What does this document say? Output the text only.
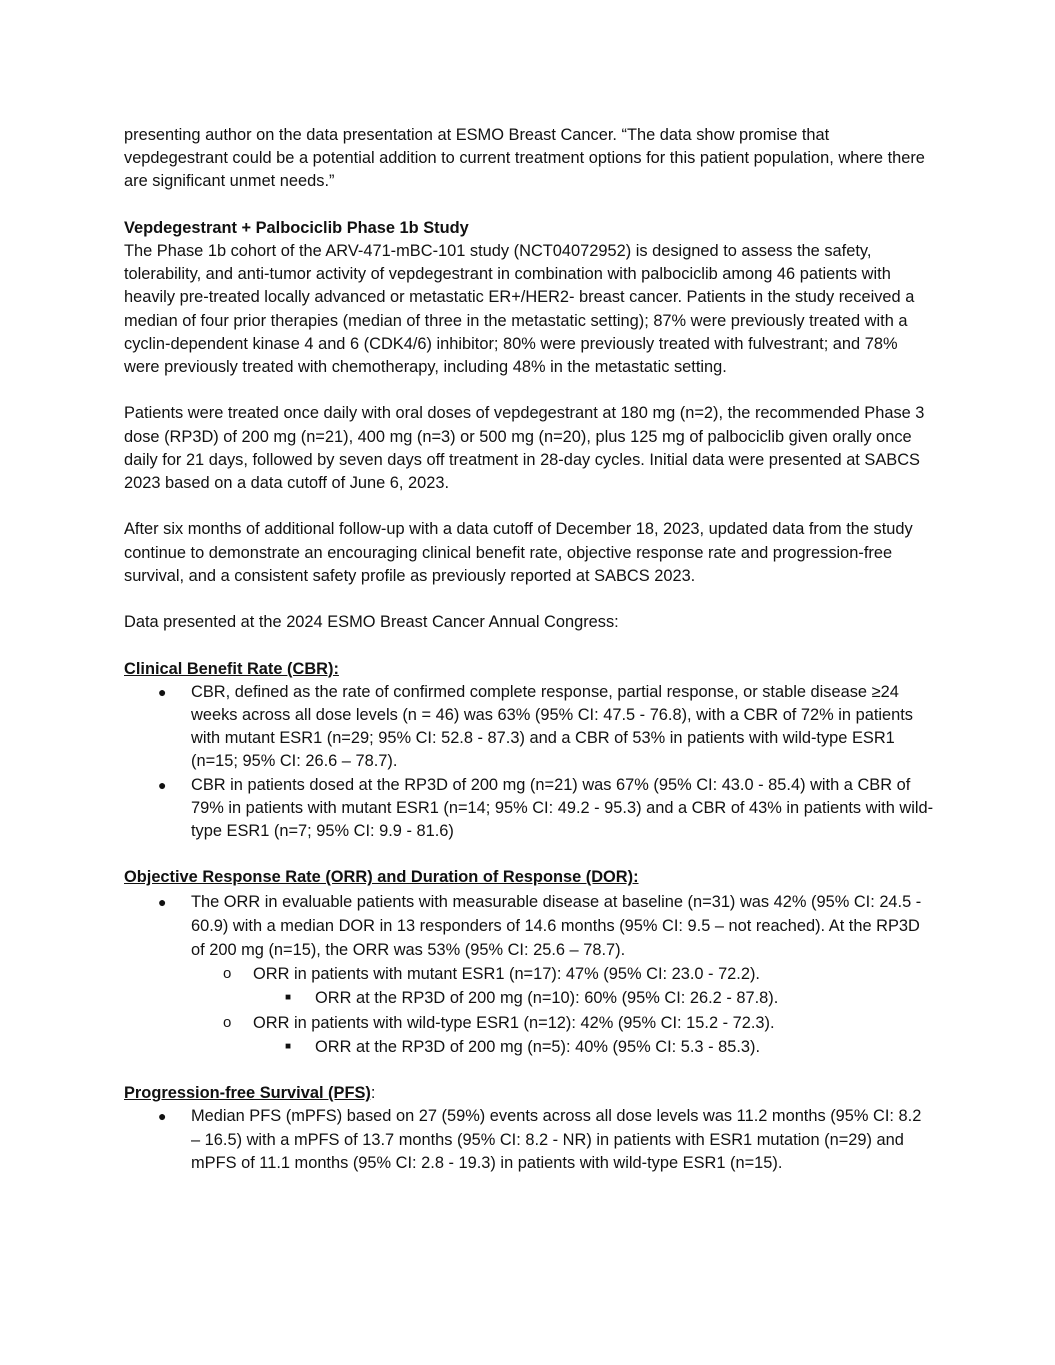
presenting author on the data presentation at ESMO Breast Cancer. “The data show promise that vepdegestrant could be a potential addition to current treatment options for this patient population, where there are significant unmet needs.”

Vepdegestrant + Palbociclib Phase 1b Study

The Phase 1b cohort of the ARV-471-mBC-101 study (NCT04072952) is designed to assess the safety, tolerability, and anti-tumor activity of vepdegestrant in combination with palbociclib among 46 patients with heavily pre-treated locally advanced or metastatic ER+/HER2- breast cancer. Patients in the study received a median of four prior therapies (median of three in the metastatic setting); 87% were previously treated with a cyclin-dependent kinase 4 and 6 (CDK4/6) inhibitor; 80% were previously treated with fulvestrant; and 78% were previously treated with chemotherapy, including 48% in the metastatic setting.

Patients were treated once daily with oral doses of vepdegestrant at 180 mg (n=2), the recommended Phase 3 dose (RP3D) of 200 mg (n=21), 400 mg (n=3) or 500 mg (n=20), plus 125 mg of palbociclib given orally once daily for 21 days, followed by seven days off treatment in 28-day cycles. Initial data were presented at SABCS 2023 based on a data cutoff of June 6, 2023.

After six months of additional follow-up with a data cutoff of December 18, 2023, updated data from the study continue to demonstrate an encouraging clinical benefit rate, objective response rate and progression-free survival, and a consistent safety profile as previously reported at SABCS 2023.

Data presented at the 2024 ESMO Breast Cancer Annual Congress:

Clinical Benefit Rate (CBR):

● CBR, defined as the rate of confirmed complete response, partial response, or stable disease ≥24 weeks across all dose levels (n = 46) was 63% (95% CI: 47.5 - 76.8), with a CBR of 72% in patients with mutant ESR1 (n=29; 95% CI: 52.8 - 87.3) and a CBR of 53% in patients with wild-type ESR1 (n=15; 95% CI: 26.6 – 78.7).
● CBR in patients dosed at the RP3D of 200 mg (n=21) was 67% (95% CI: 43.0 - 85.4) with a CBR of 79% in patients with mutant ESR1 (n=14; 95% CI: 49.2 - 95.3) and a CBR of 43% in patients with wild-type ESR1 (n=7; 95% CI: 9.9 - 81.6)

Objective Response Rate (ORR) and Duration of Response (DOR):

● The ORR in evaluable patients with measurable disease at baseline (n=31) was 42% (95% CI: 24.5 - 60.9) with a median DOR in 13 responders of 14.6 months (95% CI: 9.5 – not reached). At the RP3D of 200 mg (n=15), the ORR was 53% (95% CI: 25.6 – 78.7).
o ORR in patients with mutant ESR1 (n=17): 47% (95% CI: 23.0 - 72.2).
■ ORR at the RP3D of 200 mg (n=10): 60% (95% CI: 26.2 - 87.8).
o ORR in patients with wild-type ESR1 (n=12): 42% (95% CI: 15.2 - 72.3).
■ ORR at the RP3D of 200 mg (n=5): 40% (95% CI: 5.3 - 85.3).

Progression-free Survival (PFS):

● Median PFS (mPFS) based on 27 (59%) events across all dose levels was 11.2 months (95% CI: 8.2 – 16.5) with a mPFS of 13.7 months (95% CI: 8.2 - NR) in patients with ESR1 mutation (n=29) and mPFS of 11.1 months (95% CI: 2.8 - 19.3) in patients with wild-type ESR1 (n=15).
